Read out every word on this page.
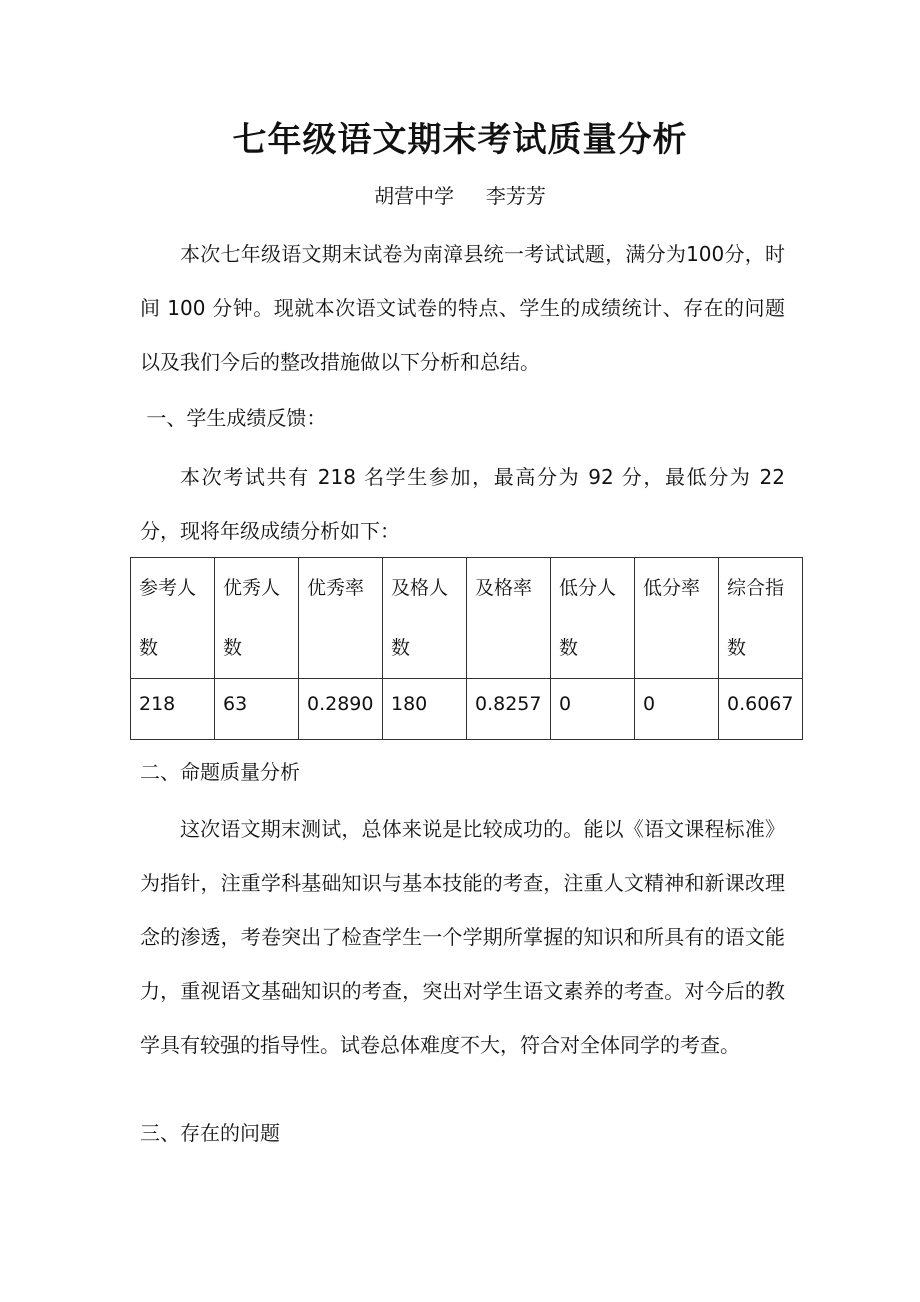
七年级语文期末考试质量分析
胡营中学     李芳芳

本次七年级语文期末试卷为南漳县统一考试试题，满分为100分，时间 100 分钟。现就本次语文试卷的特点、学生的成绩统计、存在的问题以及我们今后的整改措施做以下分析和总结。

一、学生成绩反馈：

本次考试共有 218 名学生参加，最高分为 92 分，最低分为 22 分，现将年级成绩分析如下：

参考人数	优秀人数	优秀率	及格人数	及格率	低分人数	低分率	综合指数
218	63	0.2890	180	0.8257	0	0	0.6067
二、命题质量分析

这次语文期末测试，总体来说是比较成功的。能以《语文课程标准》为指针，注重学科基础知识与基本技能的考查，注重人文精神和新课改理念的渗透，考卷突出了检查学生一个学期所掌握的知识和所具有的语文能力，重视语文基础知识的考查，突出对学生语文素养的考查。对今后的教学具有较强的指导性。试卷总体难度不大，符合对全体同学的考查。

三、存在的问题
